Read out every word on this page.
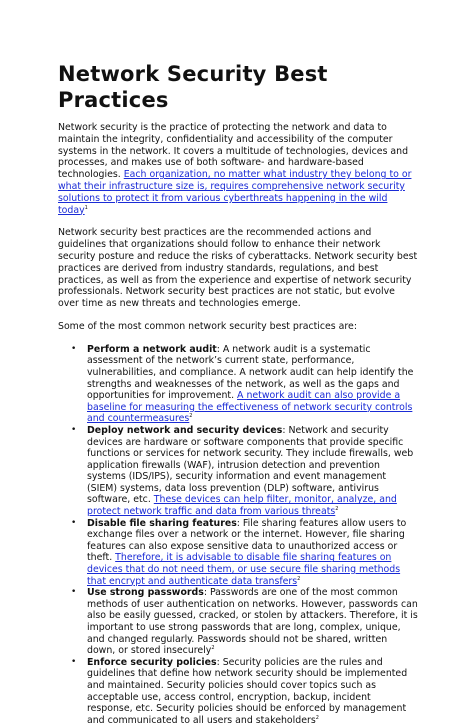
Network Security Best Practices

Network security is the practice of protecting the network and data to maintain the integrity, confidentiality and accessibility of the computer systems in the network. It covers a multitude of technologies, devices and processes, and makes use of both software- and hardware-based technologies. Each organization, no matter what industry they belong to or what their infrastructure size is, requires comprehensive network security solutions to protect it from various cyberthreats happening in the wild today$^1$

Network security best practices are the recommended actions and guidelines that organizations should follow to enhance their network security posture and reduce the risks of cyberattacks. Network security best practices are derived from industry standards, regulations, and best practices, as well as from the experience and expertise of network security professionals. Network security best practices are not static, but evolve over time as new threats and technologies emerge.

Some of the most common network security best practices are:

• Perform a network audit: A network audit is a systematic assessment of the network’s current state, performance, vulnerabilities, and compliance. A network audit can help identify the strengths and weaknesses of the network, as well as the gaps and opportunities for improvement. A network audit can also provide a baseline for measuring the effectiveness of network security controls and countermeasures$^2$
• Deploy network and security devices: Network and security devices are hardware or software components that provide specific functions or services for network security. They include firewalls, web application firewalls (WAF), intrusion detection and prevention systems (IDS/IPS), security information and event management (SIEM) systems, data loss prevention (DLP) software, antivirus software, etc. These devices can help filter, monitor, analyze, and protect network traffic and data from various threats$^2$
• Disable file sharing features: File sharing features allow users to exchange files over a network or the internet. However, file sharing features can also expose sensitive data to unauthorized access or theft. Therefore, it is advisable to disable file sharing features on devices that do not need them, or use secure file sharing methods that encrypt and authenticate data transfers$^2$
• Use strong passwords: Passwords are one of the most common methods of user authentication on networks. However, passwords can also be easily guessed, cracked, or stolen by attackers. Therefore, it is important to use strong passwords that are long, complex, unique, and changed regularly. Passwords should not be shared, written down, or stored insecurely$^2$
• Enforce security policies: Security policies are the rules and guidelines that define how network security should be implemented and maintained. Security policies should cover topics such as acceptable use, access control, encryption, backup, incident response, etc. Security policies should be enforced by management and communicated to all users and stakeholders$^2$
